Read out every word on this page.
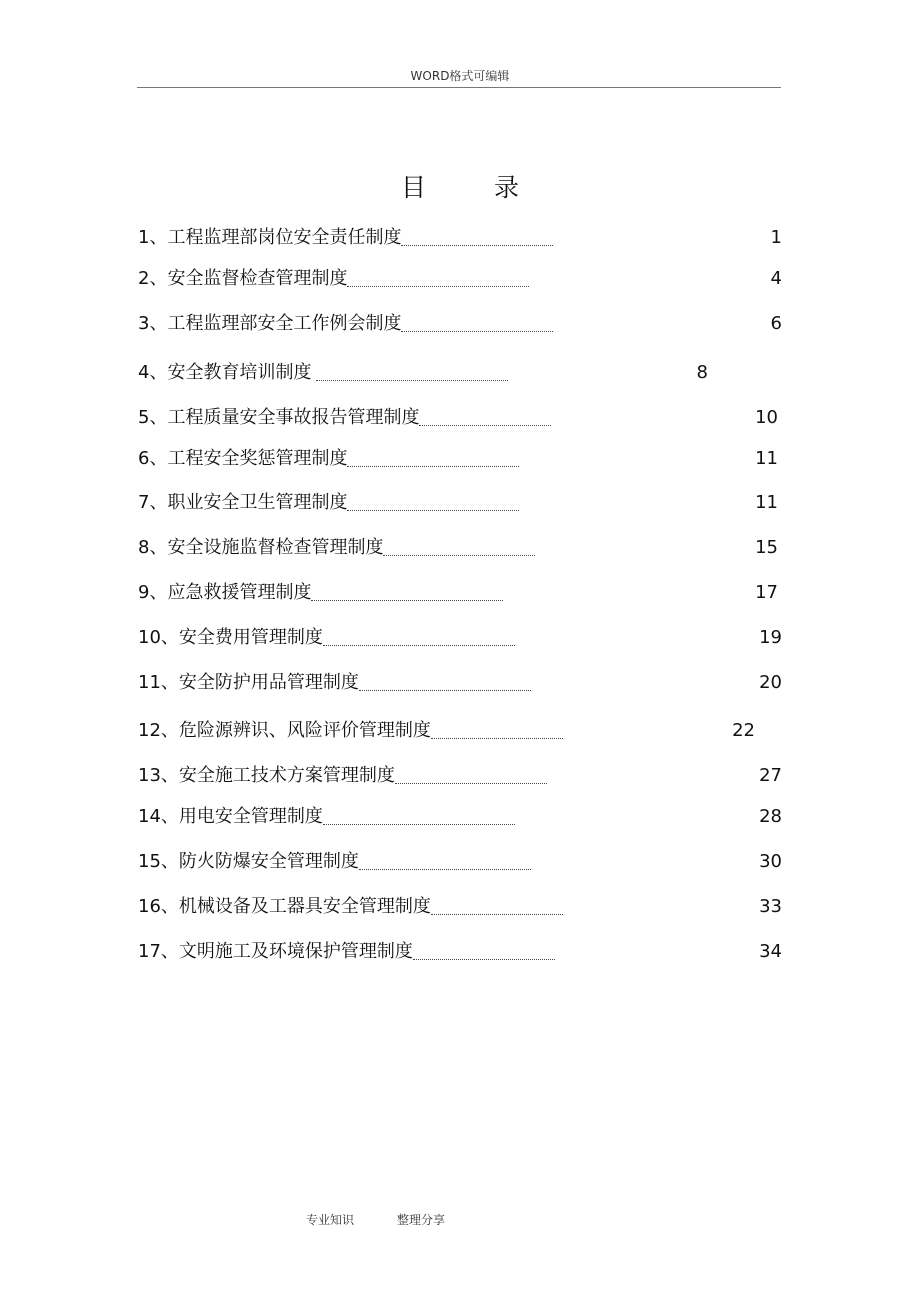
WORD格式可编辑
目录
1、工程监理部岗位安全责任制度	1
2、安全监督检查管理制度	4
3、工程监理部安全工作例会制度	6
4、安全教育培训制度	8
5、工程质量安全事故报告管理制度	10
6、工程安全奖惩管理制度	11
7、职业安全卫生管理制度	11
8、安全设施监督检查管理制度	15
9、应急救援管理制度	17
10、安全费用管理制度	19
11、安全防护用品管理制度	20
12、危险源辨识、风险评价管理制度	22
13、安全施工技术方案管理制度	27
14、用电安全管理制度	28
15、防火防爆安全管理制度	30
16、机械设备及工器具安全管理制度	33
17、文明施工及环境保护管理制度	34
专业知识	整理分享
